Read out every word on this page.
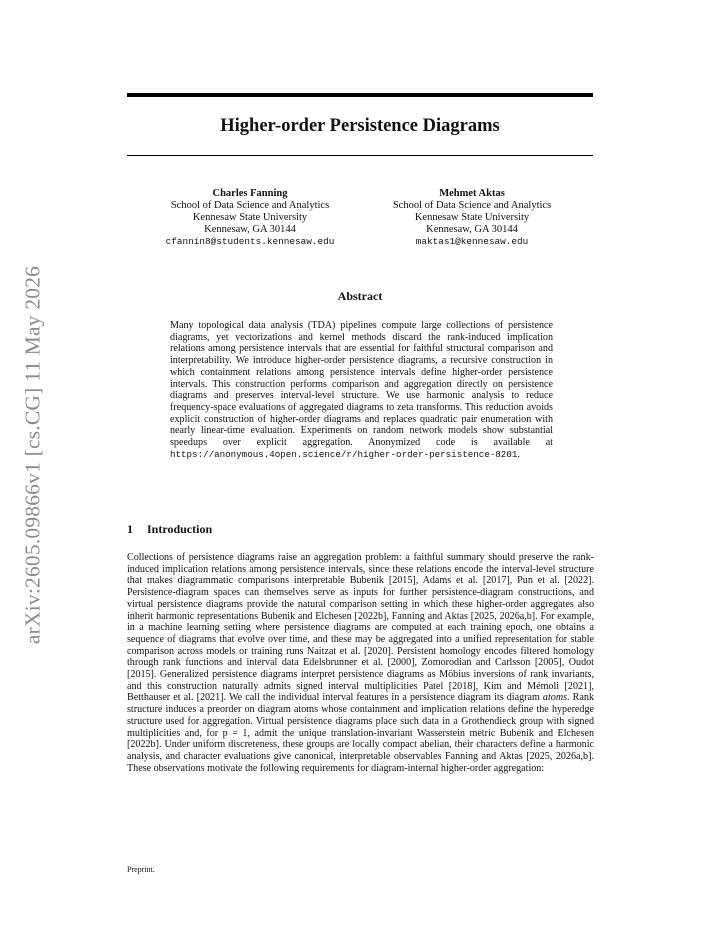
arXiv:2605.09866v1 [cs.CG] 11 May 2026
Higher-order Persistence Diagrams
Charles Fanning
School of Data Science and Analytics
Kennesaw State University
Kennesaw, GA 30144
cfannin8@students.kennesaw.edu
Mehmet Aktas
School of Data Science and Analytics
Kennesaw State University
Kennesaw, GA 30144
maktas1@kennesaw.edu
Abstract
Many topological data analysis (TDA) pipelines compute large collections of persistence diagrams, yet vectorizations and kernel methods discard the rank-induced implication relations among persistence intervals that are essential for faithful structural comparison and interpretability. We introduce higher-order persistence diagrams, a recursive construction in which containment relations among persistence intervals define higher-order persistence intervals. This construction performs comparison and aggregation directly on persistence diagrams and preserves interval-level structure. We use harmonic analysis to reduce frequency-space evaluations of aggregated diagrams to zeta transforms. This reduction avoids explicit construction of higher-order diagrams and replaces quadratic pair enumeration with nearly linear-time evaluation. Experiments on random network models show substantial speedups over explicit aggregation. Anonymized code is available at https://anonymous.4open.science/r/higher-order-persistence-8201.
1 Introduction
Collections of persistence diagrams raise an aggregation problem: a faithful summary should preserve the rank-induced implication relations among persistence intervals, since these relations encode the interval-level structure that makes diagrammatic comparisons interpretable Bubenik [2015], Adams et al. [2017], Pun et al. [2022]. Persistence-diagram spaces can themselves serve as inputs for further persistence-diagram constructions, and virtual persistence diagrams provide the natural comparison setting in which these higher-order aggregates also inherit harmonic representations Bubenik and Elchesen [2022b], Fanning and Aktas [2025, 2026a,b]. For example, in a machine learning setting where persistence diagrams are computed at each training epoch, one obtains a sequence of diagrams that evolve over time, and these may be aggregated into a unified representation for stable comparison across models or training runs Naitzat et al. [2020]. Persistent homology encodes filtered homology through rank functions and interval data Edelsbrunner et al. [2000], Zomorodian and Carlsson [2005], Oudot [2015]. Generalized persistence diagrams interpret persistence diagrams as Möbius inversions of rank invariants, and this construction naturally admits signed interval multiplicities Patel [2018], Kim and Mémoli [2021], Betthauser et al. [2021]. We call the individual interval features in a persistence diagram its diagram atoms. Rank structure induces a preorder on diagram atoms whose containment and implication relations define the hyperedge structure used for aggregation. Virtual persistence diagrams place such data in a Grothendieck group with signed multiplicities and, for p = 1, admit the unique translation-invariant Wasserstein metric Bubenik and Elchesen [2022b]. Under uniform discreteness, these groups are locally compact abelian, their characters define a harmonic analysis, and character evaluations give canonical, interpretable observables Fanning and Aktas [2025, 2026a,b]. These observations motivate the following requirements for diagram-internal higher-order aggregation:
Preprint.
